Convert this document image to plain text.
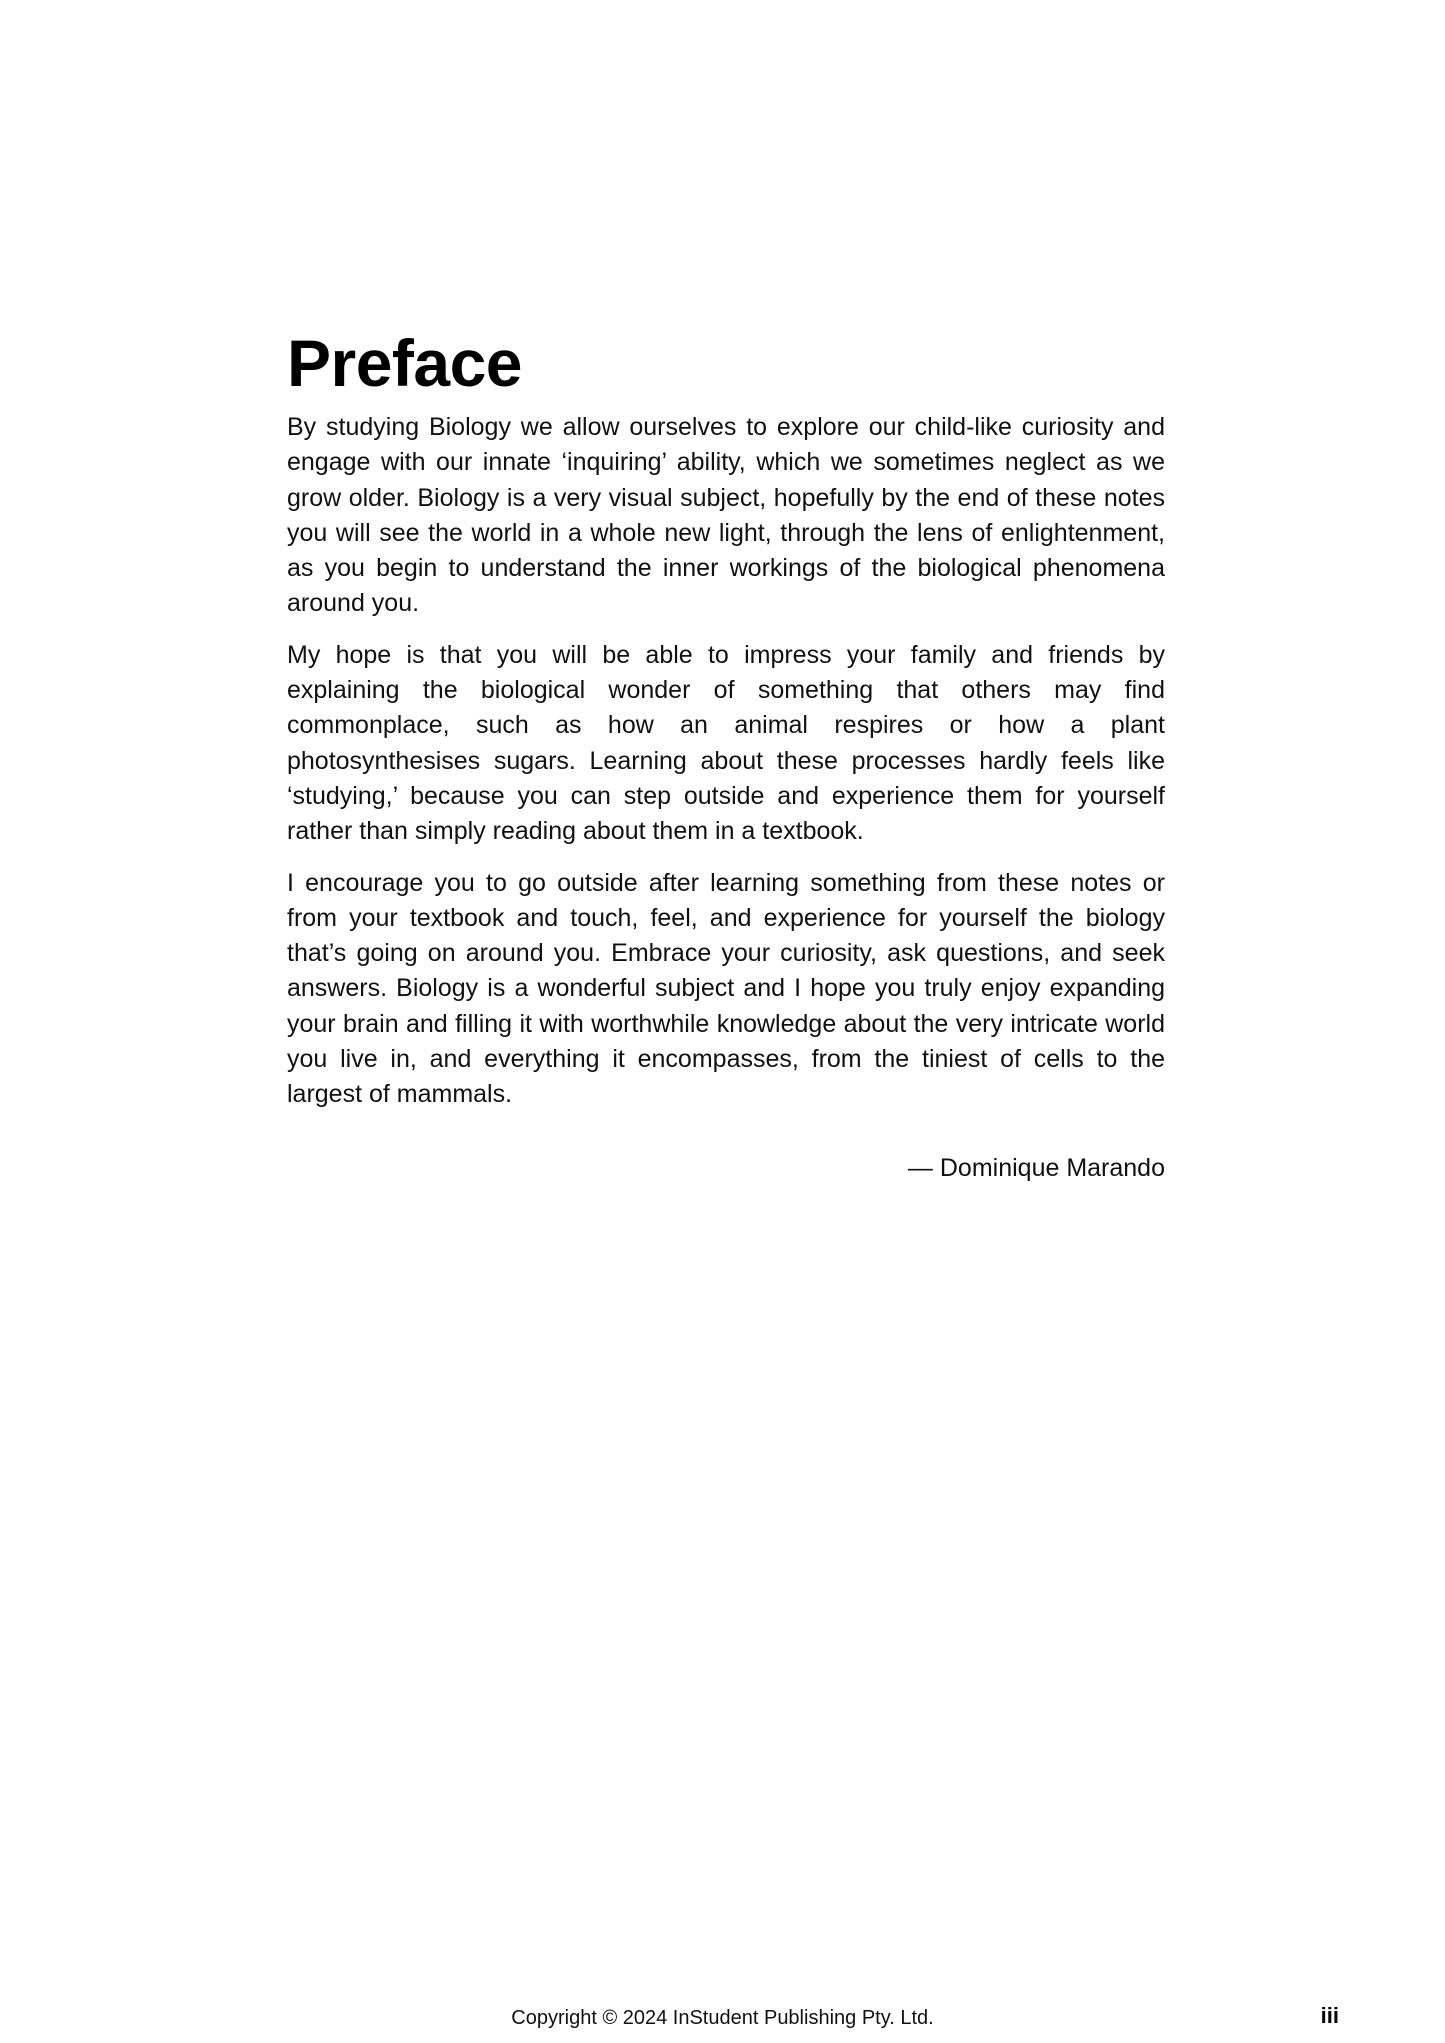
Preface

By studying Biology we allow ourselves to explore our child-like curiosity and engage with our innate ‘inquiring’ ability, which we sometimes neglect as we grow older. Biology is a very visual subject, hopefully by the end of these notes you will see the world in a whole new light, through the lens of enlightenment, as you begin to understand the inner workings of the biological phenomena around you.

My hope is that you will be able to impress your family and friends by explaining the biological wonder of something that others may find commonplace, such as how an animal respires or how a plant photosynthesises sugars. Learning about these processes hardly feels like ‘studying,’ because you can step outside and experience them for yourself rather than simply reading about them in a textbook.

I encourage you to go outside after learning something from these notes or from your textbook and touch, feel, and experience for yourself the biology that’s going on around you. Embrace your curiosity, ask questions, and seek answers. Biology is a wonderful subject and I hope you truly enjoy expanding your brain and filling it with worthwhile knowledge about the very intricate world you live in, and everything it encompasses, from the tiniest of cells to the largest of mammals.

— Dominique Marando
Copyright © 2024 InStudent Publishing Pty. Ltd.	iii
